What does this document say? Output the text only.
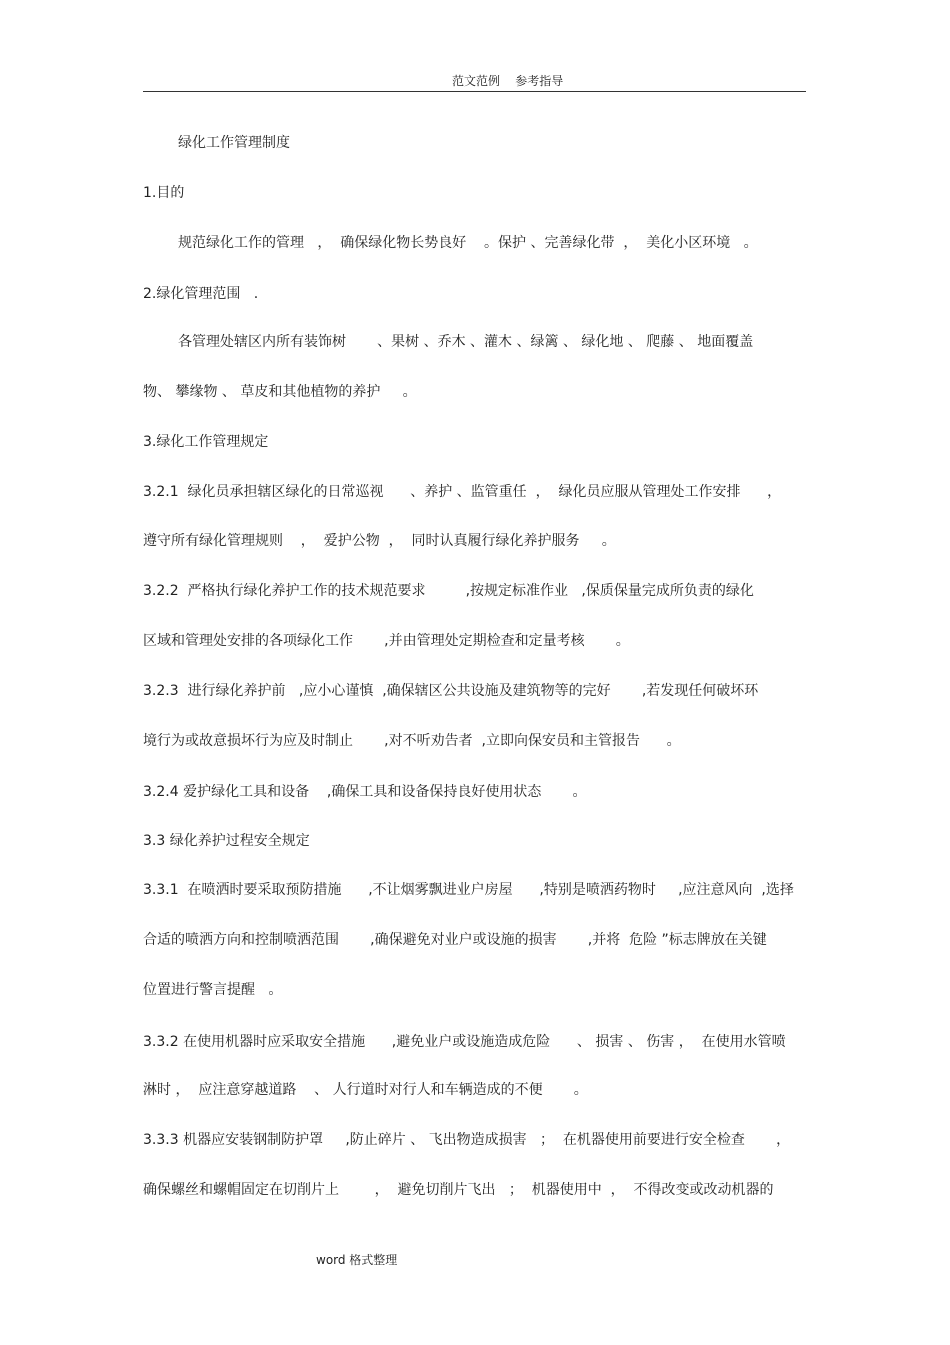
范文范例    参考指导
绿化工作管理制度
1.目的
规范绿化工作的管理   ，  确保绿化物长势良好    。保护 、完善绿化带  ，  美化小区环境   。
2.绿化管理范围   .
各管理处辖区内所有装饰树       、果树 、乔木 、灌木 、绿篱 、 绿化地 、 爬藤 、 地面覆盖
物、 攀缘物 、 草皮和其他植物的养护     。
3.绿化工作管理规定
3.2.1  绿化员承担辖区绿化的日常巡视      、养护 、监管重任  ，  绿化员应服从管理处工作安排      ，
遵守所有绿化管理规则    ，  爱护公物  ，  同时认真履行绿化养护服务     。
3.2.2  严格执行绿化养护工作的技术规范要求         ,按规定标准作业   ,保质保量完成所负责的绿化
区域和管理处安排的各项绿化工作       ,并由管理处定期检查和定量考核       。
3.2.3  进行绿化养护前   ,应小心谨慎  ,确保辖区公共设施及建筑物等的完好       ,若发现任何破坏环
境行为或故意损坏行为应及时制止       ,对不听劝告者  ,立即向保安员和主管报告      。
3.2.4 爱护绿化工具和设备    ,确保工具和设备保持良好使用状态       。
3.3 绿化养护过程安全规定
3.3.1  在喷洒时要采取预防措施      ,不让烟雾飘进业户房屋      ,特别是喷洒药物时     ,应注意风向  ,选择
合适的喷洒方向和控制喷洒范围       ,确保避免对业户或设施的损害       ,并将  危险 ”标志牌放在关键
位置进行警言提醒   。
3.3.2 在使用机器时应采取安全措施      ,避免业户或设施造成危险      、 损害 、 伤害 ，  在使用水管喷
淋时 ，  应注意穿越道路    、 人行道时对行人和车辆造成的不便       。
3.3.3 机器应安装钢制防护罩     ,防止碎片 、 飞出物造成损害   ；  在机器使用前要进行安全检查       ，
确保螺丝和螺帽固定在切削片上        ，  避免切削片飞出   ；  机器使用中  ，  不得改变或改动机器的
word 格式整理
